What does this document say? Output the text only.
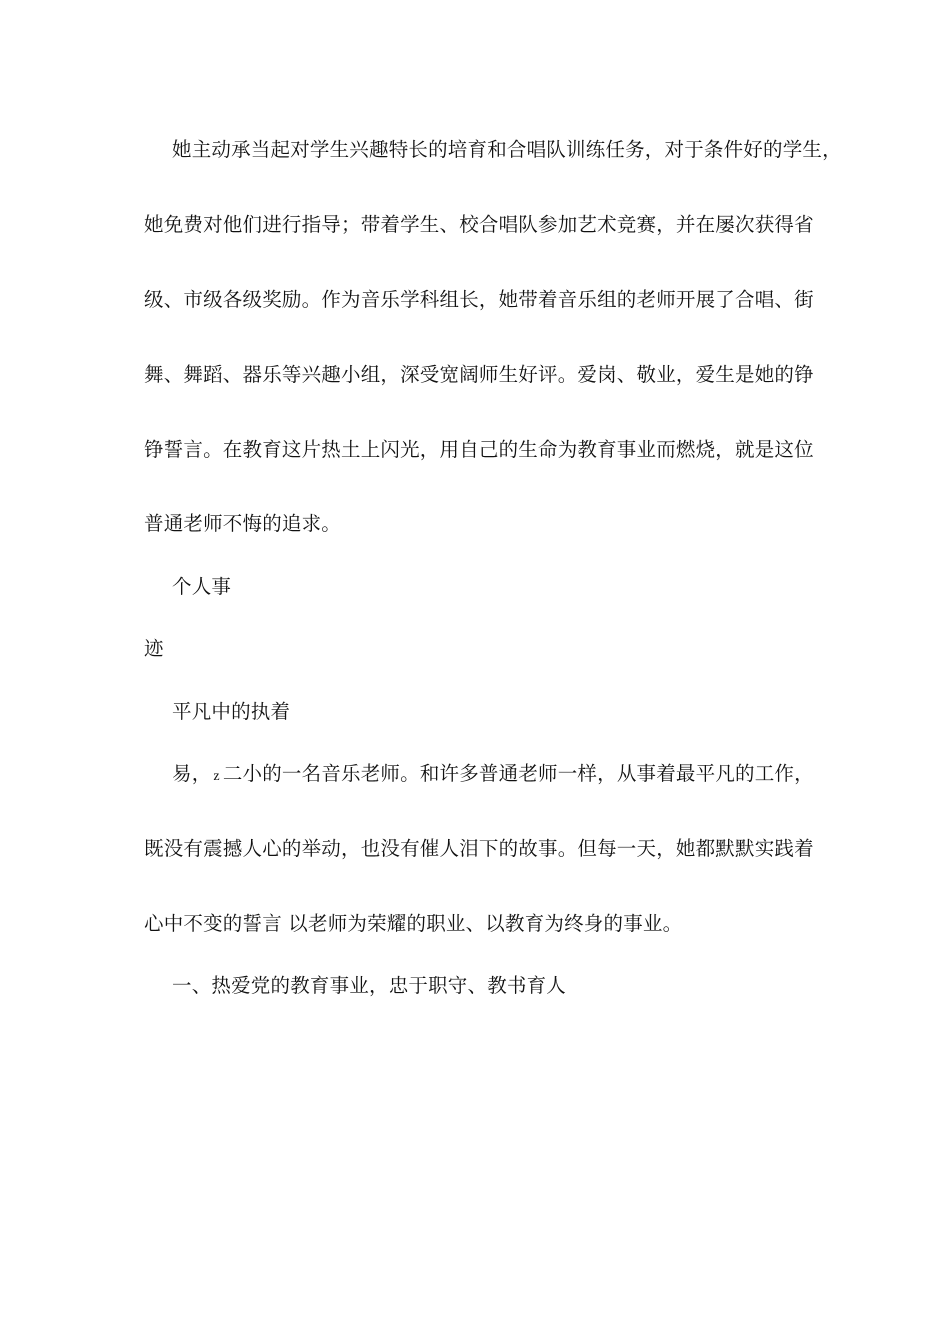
她主动承当起对学生兴趣特长的培育和合唱队训练任务，对于条件好的学生，
她免费对他们进行指导；带着学生、校合唱队参加艺术竞赛，并在屡次获得省
级、市级各级奖励。作为音乐学科组长，她带着音乐组的老师开展了合唱、街
舞、舞蹈、器乐等兴趣小组，深受宽阔师生好评。爱岗、敬业，爱生是她的铮
铮誓言。在教育这片热土上闪光，用自己的生命为教育事业而燃烧，就是这位
普通老师不悔的追求。
个人事
迹
平凡中的执着
易， z 二小的一名音乐老师。和许多普通老师一样，从事着最平凡的工作，
既没有震撼人心的举动，也没有催人泪下的故事。但每一天，她都默默实践着
心中不变的誓言 以老师为荣耀的职业、以教育为终身的事业。
一、热爱党的教育事业，忠于职守、教书育人
